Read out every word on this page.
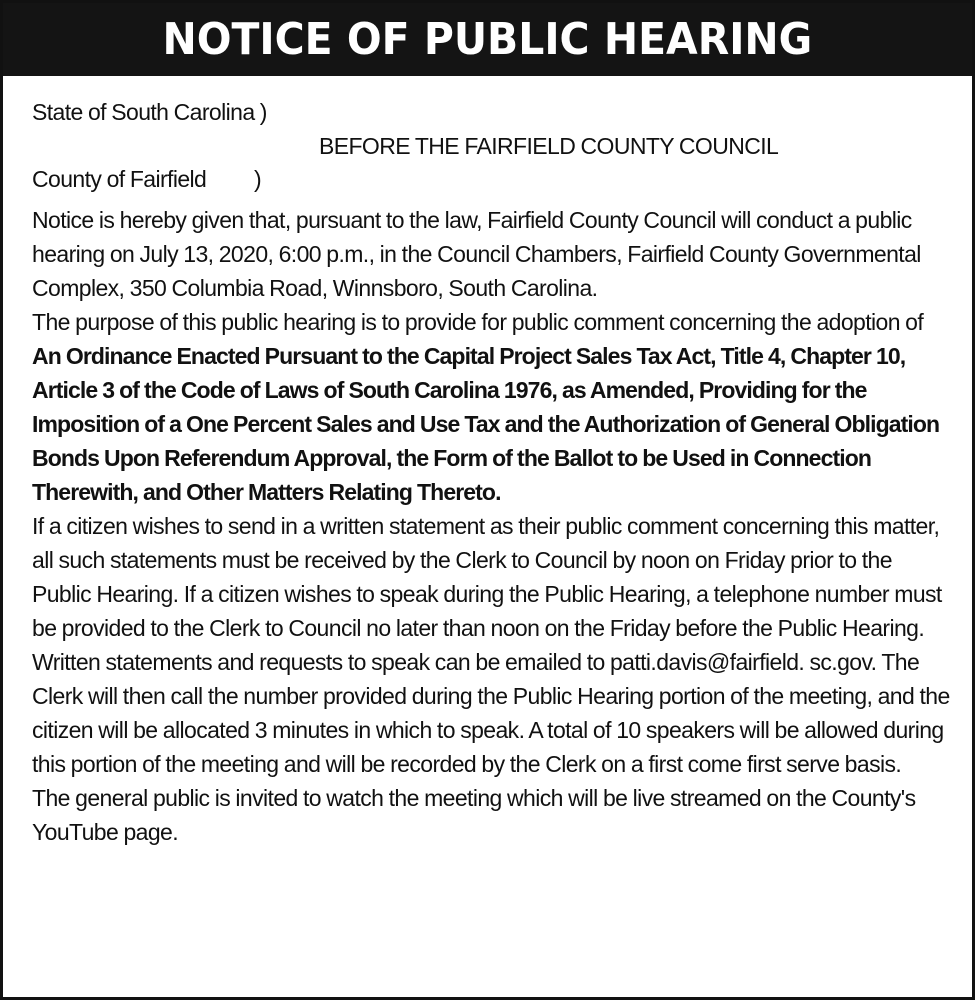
NOTICE OF PUBLIC HEARING
State of South Carolina )
BEFORE THE FAIRFIELD COUNTY COUNCIL
County of Fairfield )

Notice is hereby given that, pursuant to the law, Fairfield County Council will conduct a public hearing on July 13, 2020, 6:00 p.m., in the Council Chambers, Fairfield County Governmental Complex, 350 Columbia Road, Winnsboro, South Carolina.

The purpose of this public hearing is to provide for public comment concerning the adoption of An Ordinance Enacted Pursuant to the Capital Project Sales Tax Act, Title 4, Chapter 10, Article 3 of the Code of Laws of South Carolina 1976, as Amended, Providing for the Imposition of a One Percent Sales and Use Tax and the Authorization of General Obligation Bonds Upon Referendum Approval, the Form of the Ballot to be Used in Connection Therewith, and Other Matters Relating Thereto.

If a citizen wishes to send in a written statement as their public comment concerning this matter, all such statements must be received by the Clerk to Council by noon on Friday prior to the Public Hearing. If a citizen wishes to speak during the Public Hearing, a telephone number must be provided to the Clerk to Council no later than noon on the Friday before the Public Hearing. Written statements and requests to speak can be emailed to patti.davis@fairfield. sc.gov. The Clerk will then call the number provided during the Public Hearing portion of the meeting, and the citizen will be allocated 3 minutes in which to speak. A total of 10 speakers will be allowed during this portion of the meeting and will be recorded by the Clerk on a first come first serve basis.

The general public is invited to watch the meeting which will be live streamed on the County's YouTube page.
